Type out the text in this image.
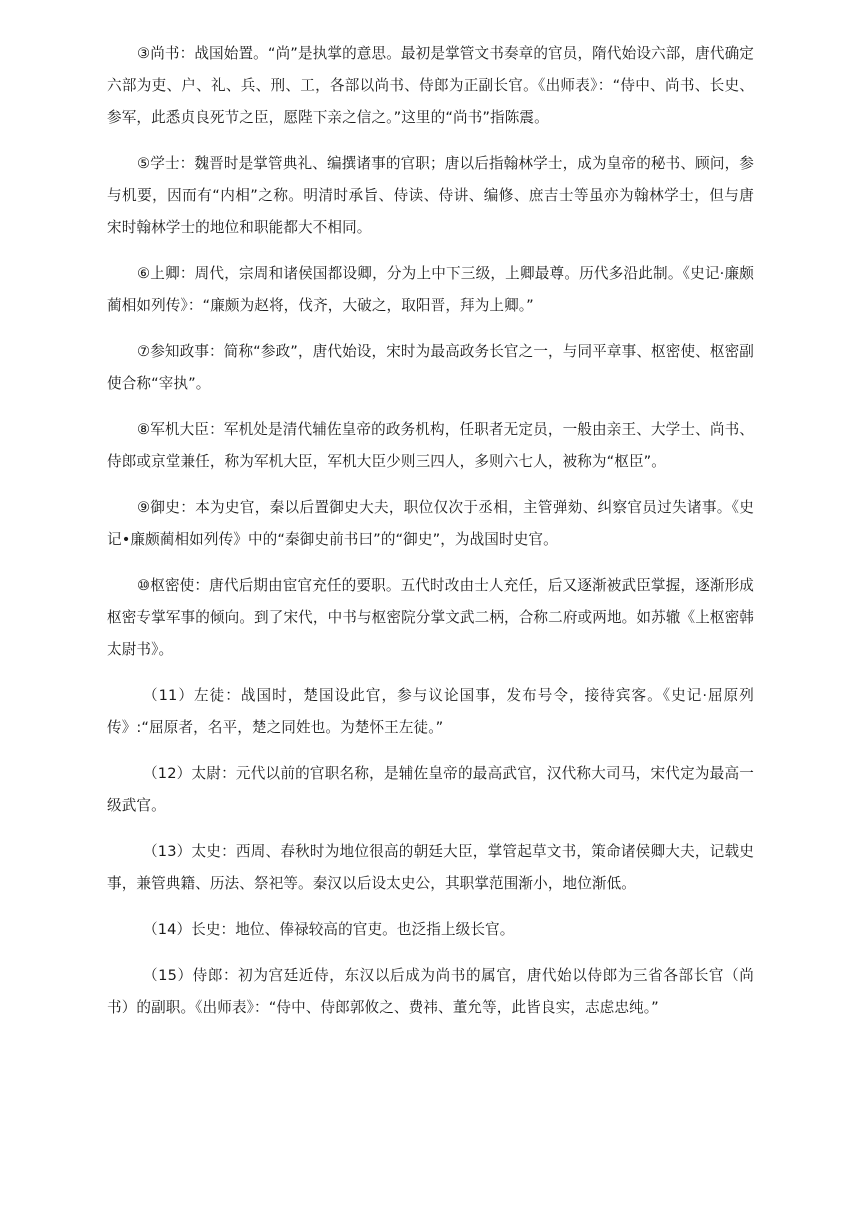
③尚书：战国始置。“尚”是执掌的意思。最初是掌管文书奏章的官员，隋代始设六部，唐代确定六部为吏、户、礼、兵、刑、工，各部以尚书、侍郎为正副长官。《出师表》：“侍中、尚书、长史、参军，此悉贞良死节之臣，愿陛下亲之信之。”这里的“尚书”指陈震。

⑤学士：魏晋时是掌管典礼、编撰诸事的官职；唐以后指翰林学士，成为皇帝的秘书、顾问，参与机要，因而有“内相”之称。明清时承旨、侍读、侍讲、编修、庶吉士等虽亦为翰林学士，但与唐宋时翰林学士的地位和职能都大不相同。

⑥上卿：周代，宗周和诸侯国都设卿，分为上中下三级，上卿最尊。历代多沿此制。《史记·廉颇蔺相如列传》：“廉颇为赵将，伐齐，大破之，取阳晋，拜为上卿。”

⑦参知政事：简称“参政”，唐代始设，宋时为最高政务长官之一，与同平章事、枢密使、枢密副使合称“宰执”。

⑧军机大臣：军机处是清代辅佐皇帝的政务机构，任职者无定员，一般由亲王、大学士、尚书、侍郎或京堂兼任，称为军机大臣，军机大臣少则三四人，多则六七人，被称为“枢臣”。

⑨御史：本为史官，秦以后置御史大夫，职位仅次于丞相，主管弹劾、纠察官员过失诸事。《史记•廉颇蔺相如列传》中的“秦御史前书曰”的“御史”，为战国时史官。

⑩枢密使：唐代后期由宦官充任的要职。五代时改由士人充任，后又逐渐被武臣掌握，逐渐形成枢密专掌军事的倾向。到了宋代，中书与枢密院分掌文武二柄，合称二府或两地。如苏辙《上枢密韩太尉书》。

（11）左徒：战国时，楚国设此官，参与议论国事，发布号令，接待宾客。《史记·屈原列传》:“屈原者，名平，楚之同姓也。为楚怀王左徒。”

（12）太尉：元代以前的官职名称，是辅佐皇帝的最高武官，汉代称大司马，宋代定为最高一级武官。

（13）太史：西周、春秋时为地位很高的朝廷大臣，掌管起草文书，策命诸侯卿大夫，记载史事，兼管典籍、历法、祭祀等。秦汉以后设太史公，其职掌范围渐小，地位渐低。

（14）长史：地位、俸禄较高的官吏。也泛指上级长官。

（15）侍郎：初为宫廷近侍，东汉以后成为尚书的属官，唐代始以侍郎为三省各部长官（尚书）的副职。《出师表》：“侍中、侍郎郭攸之、费祎、董允等，此皆良实，志虑忠纯。”
